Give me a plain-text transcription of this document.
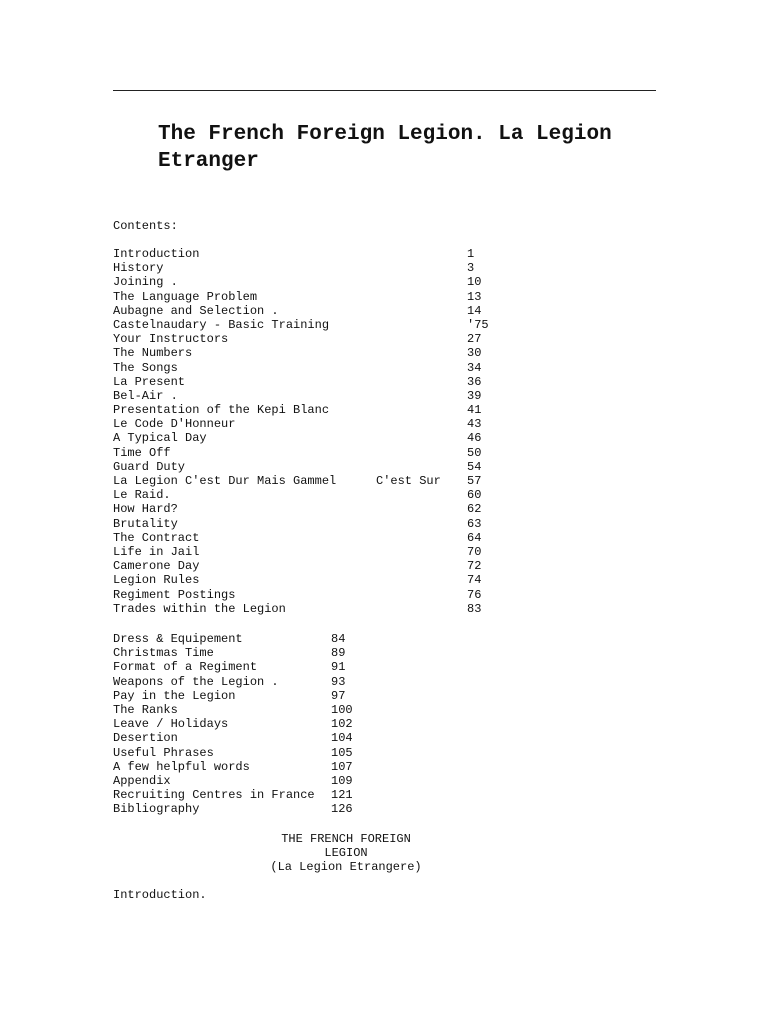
The French Foreign Legion. La Legion Etranger
Contents:
Introduction	1
History	3
Joining .	10
The Language Problem	13
Aubagne and Selection .	14
Castelnaudary - Basic Training	'75
Your Instructors	27
The Numbers	30
The Songs	34
La Present	36
Bel-Air .	39
Presentation of the Kepi Blanc	41
Le Code D'Honneur	43
A Typical Day	46
Time Off	50
Guard Duty	54
La Legion C'est Dur Mais Gammel	C'est Sur 57
Le Raid.	60
How Hard?	62
Brutality	63
The Contract	64
Life in Jail	70
Camerone Day	72
Legion Rules	74
Regiment Postings	76
Trades within the Legion	83
Dress & Equipement	84
Christmas Time	89
Format of a Regiment	91
Weapons of the Legion .	93
Pay in the Legion	97
The Ranks	100
Leave / Holidays	102
Desertion	104
Useful Phrases	105
A few helpful words	107
Appendix	109
Recruiting Centres in France 121
Bibliography	126
THE FRENCH FOREIGN
LEGION
(La Legion Etrangere)
Introduction.
